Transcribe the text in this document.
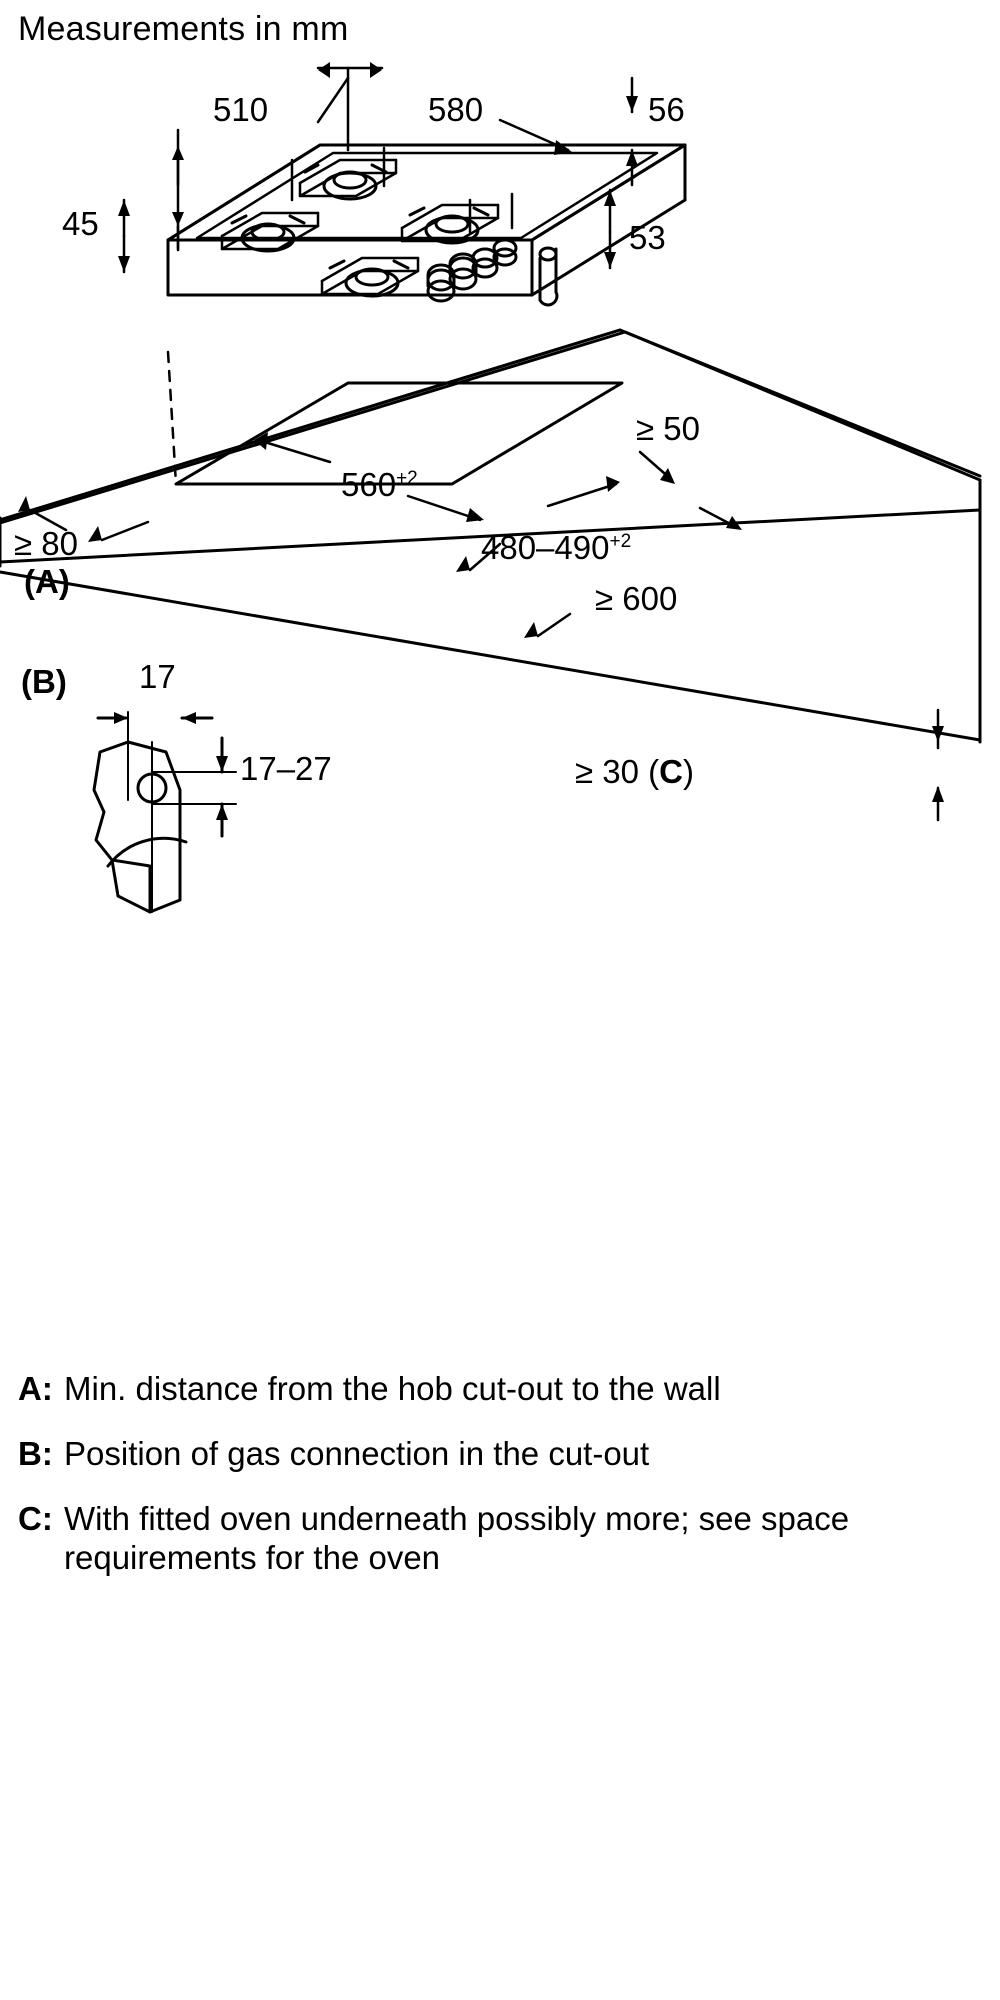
Measurements in mm
510	580	56
45	53
≥ 50
$560^{+2}$
≥ 80
(A)
$480-490^{+2}$
≥ 600
(B) 17
17–27	≥ 30 (C)
A: Min. distance from the hob cut-out to the wall
B: Position of gas connection in the cut-out
C: With fitted oven underneath possibly more; see space requirements for the oven
